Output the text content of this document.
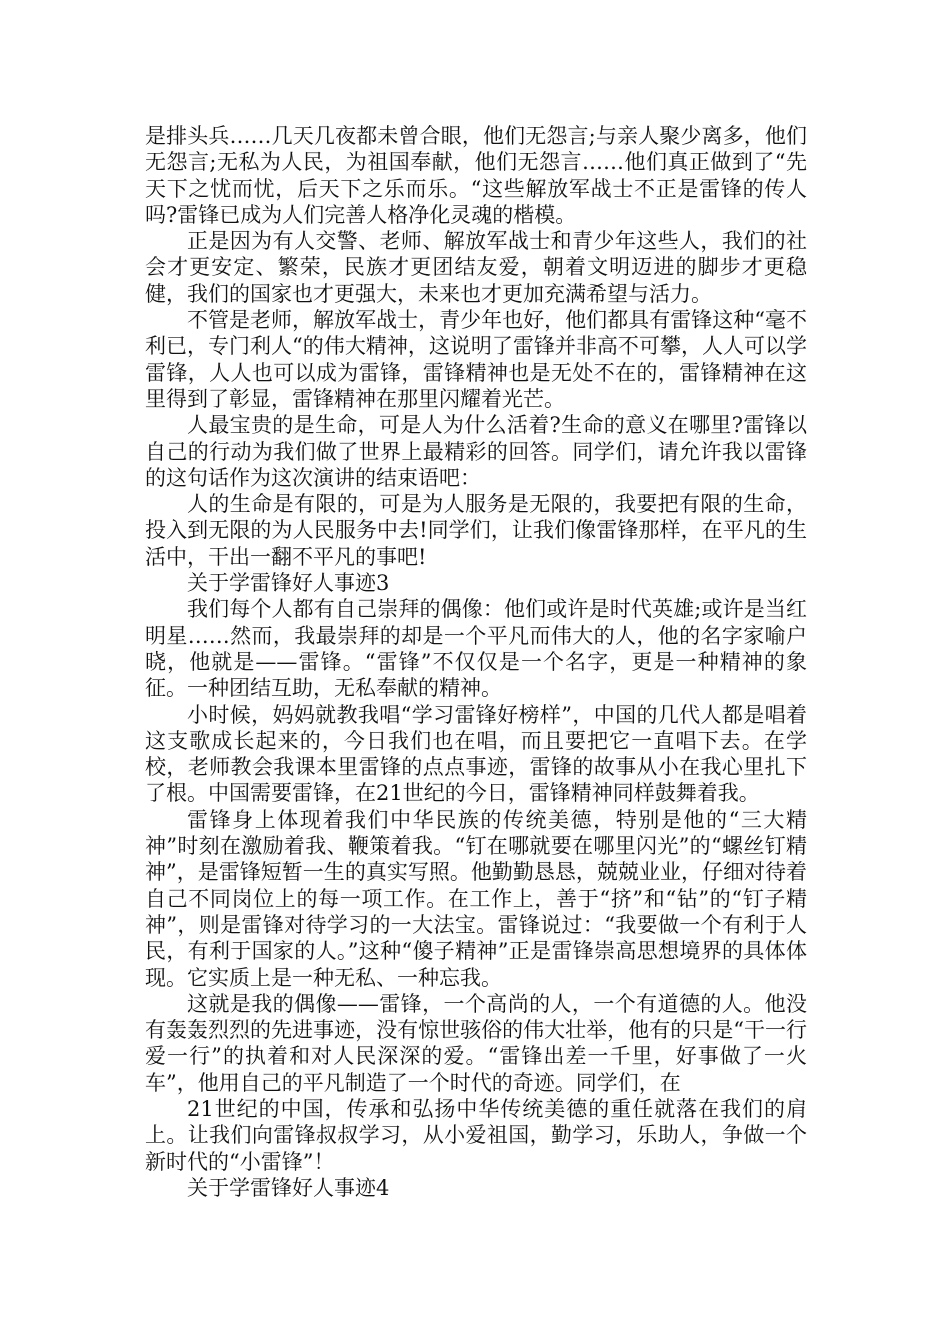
是排头兵……几天几夜都未曾合眼，他们无怨言;与亲人聚少离多，他们无怨言;无私为人民，为祖国奉献，他们无怨言……他们真正做到了“先天下之忧而忧，后天下之乐而乐。“这些解放军战士不正是雷锋的传人吗?雷锋已成为人们完善人格净化灵魂的楷模。

正是因为有人交警、老师、解放军战士和青少年这些人，我们的社会才更安定、繁荣，民族才更团结友爱，朝着文明迈进的脚步才更稳健，我们的国家也才更强大，未来也才更加充满希望与活力。

不管是老师，解放军战士，青少年也好，他们都具有雷锋这种“毫不利已，专门利人“的伟大精神，这说明了雷锋并非高不可攀，人人可以学雷锋，人人也可以成为雷锋，雷锋精神也是无处不在的，雷锋精神在这里得到了彰显，雷锋精神在那里闪耀着光芒。

人最宝贵的是生命，可是人为什么活着?生命的意义在哪里?雷锋以自己的行动为我们做了世界上最精彩的回答。同学们，请允许我以雷锋的这句话作为这次演讲的结束语吧：

人的生命是有限的，可是为人服务是无限的，我要把有限的生命，投入到无限的为人民服务中去!同学们，让我们像雷锋那样，在平凡的生活中，干出一翻不平凡的事吧!

关于学雷锋好人事迹3

我们每个人都有自己崇拜的偶像：他们或许是时代英雄;或许是当红明星……然而，我最崇拜的却是一个平凡而伟大的人，他的名字家喻户晓，他就是——雷锋。“雷锋”不仅仅是一个名字，更是一种精神的象征。一种团结互助，无私奉献的精神。

小时候，妈妈就教我唱“学习雷锋好榜样”，中国的几代人都是唱着这支歌成长起来的，今日我们也在唱，而且要把它一直唱下去。在学校，老师教会我课本里雷锋的点点事迹，雷锋的故事从小在我心里扎下了根。中国需要雷锋，在21世纪的今日，雷锋精神同样鼓舞着我。

雷锋身上体现着我们中华民族的传统美德，特别是他的“三大精神”时刻在激励着我、鞭策着我。“钉在哪就要在哪里闪光”的“螺丝钉精神”，是雷锋短暂一生的真实写照。他勤勤恳恳，兢兢业业，仔细对待着自己不同岗位上的每一项工作。在工作上，善于“挤”和“钻”的“钉子精神”，则是雷锋对待学习的一大法宝。雷锋说过：“我要做一个有利于人民，有利于国家的人。”这种“傻子精神”正是雷锋崇高思想境界的具体体现。它实质上是一种无私、一种忘我。

这就是我的偶像——雷锋，一个高尚的人，一个有道德的人。他没有轰轰烈烈的先进事迹，没有惊世骇俗的伟大壮举，他有的只是“干一行爱一行”的执着和对人民深深的爱。“雷锋出差一千里，好事做了一火车”，他用自己的平凡制造了一个时代的奇迹。同学们，在

21世纪的中国，传承和弘扬中华传统美德的重任就落在我们的肩上。让我们向雷锋叔叔学习，从小爱祖国，勤学习，乐助人，争做一个新时代的“小雷锋”！

关于学雷锋好人事迹4
